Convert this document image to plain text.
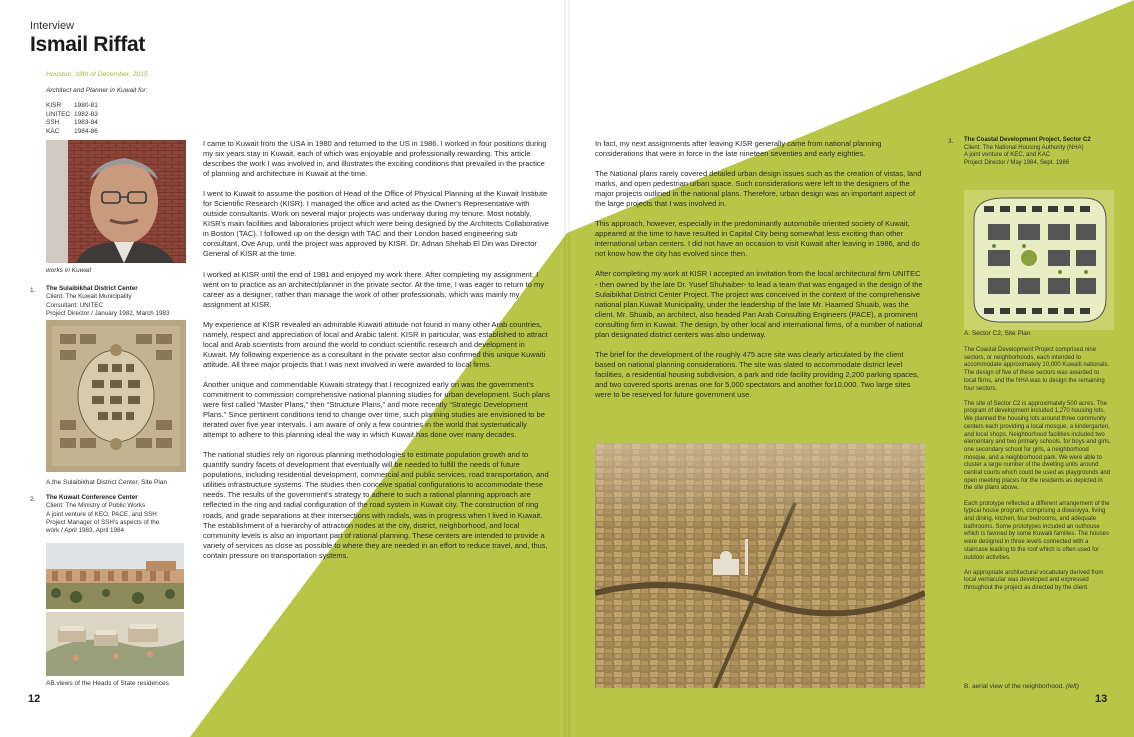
Interview
Ismail Riffat
Houston, 18th of December, 2015
Architect and Planner in Kuwait for:
KISR	1980-81
UNITEC 1982-83
SSH	1983-84
KAC	1984-86
works in Kuwait
1. The Sulaibikhat District Center
Client: The Kuwait Municipality
Consultant: UNITEC
Project Director / January 1982, March 1983
A.the Sulaibikhat District Center, Site Plan
2. The Kuwait Conference Center
Client: The Ministry of Public Works
A joint venture of KEO, PACE, and SSH
Project Manager of SSH's aspects of the
work / April 1983, April 1984
AB.views of the Heads of State residences

I came to Kuwait from the USA in 1980 and returned to the US in 1986. I worked in four positions during my six years stay in Kuwait, each of which was enjoyable and professionally rewarding. This article describes the work I was involved in, and illustrates the exciting conditions that prevailed in the practice of planning and architecture in Kuwait at the time.

I went to Kuwait to assume the position of Head of the Office of Physical Planning at the Kuwait Institute for Scientific Research (KISR). I managed the office and acted as the Owner's Representative with outside consultants. Work on several major projects was underway during my tenure. Most notably, KISR's main facilities and laboratories project which were being designed by the Architects Collaborative in Boston (TAC). I followed up on the design with TAC and their London based engineering sub consultant, Ove Arup, until the project was approved by KISR. Dr. Adnan Shehab El Din was Director General of KISR at the time.

I worked at KISR until the end of 1981 and enjoyed my work there. After completing my assignment, I went on to practice as an architect/planner in the private sector. At the time, I was eager to return to my career as a designer, rather than manage the work of other professionals, which was mainly my assignment at KISR.

My experience at KISR revealed an admirable Kuwaiti attitude not found in many other Arab countries, namely, respect and appreciation of local and Arabic talent. KISR in particular, was established to attract local and Arab scientists from around the world to conduct scientific research and development in Kuwait. My following experience as a consultant in the private sector also confirmed this unique Kuwaiti attitude. All three major projects that I was next involved in were awarded to local firms.

Another unique and commendable Kuwaiti strategy that I recognized early on was the government's commitment to commission comprehensive national planning studies for urban development. Such plans were first called “Master Plans,” then “Structure Plans,” and more recently “Strategic Development Plans.” Since pertinent conditions tend to change over time, such planning studies are envisioned to be iterated over five year intervals. I am aware of only a few countries in the world that systematically attempt to adhere to this planning ideal the way in which Kuwait has done over many decades.

The national studies rely on rigorous planning methodologies to estimate population growth and to quantify sundry facets of development that eventually will be needed to fulfill the needs of future populations, including residential development, commercial and public services, road transportation, and utilities infrastructure systems. The studies then conceive spatial configurations to accommodate these needs. The results of the government's strategy to adhere to such a rational planning approach are reflected in the ring and radial configuration of the road system in Kuwait city. The construction of ring roads, and grade separations at their intersections with radials, was in progress when I lived in Kuwait. The establishment of a hierarchy of attraction nodes at the city, district, neighborhood, and local community levels is also an important part of rational planning. These centers are intended to provide a variety of services as close as possible to where they are needed in an effort to reduce travel, and, thus, contain pressure on transportation systems.

12

In fact, my next assignments after leaving KISR generally came from national planning considerations that were in force in the late nineteen seventies and early eighties.

The National plans rarely covered detailed urban design issues such as the creation of vistas, land marks, and open pedestrian urban space. Such considerations were left to the designers of the major projects outlined in the national plans. Therefore, urban design was an important aspect of the large projects that I was involved in.

This approach, however, especially in the predominantly automobile oriented society of Kuwait, appeared at the time to have resulted in Capital City being somewhat less exciting than other international urban centers. I did not have an occasion to visit Kuwait after leaving in 1986, and do not know how the city has evolved since then.

After completing my work at KISR I accepted an invitation from the local architectural firm UNITEC - then owned by the late Dr. Yusef Shuhaiber- to lead a team that was engaged in the design of the Sulaibikhat District Center Project. The project was conceived in the context of the comprehensive national plan.Kuwait Municipality, under the leadership of the late Mr. Haamed Shuaib, was the client. Mr. Shuaib, an architect, also headed Pan Arab Consulting Engineers (PACE), a prominent consulting firm in Kuwait. The design, by other local and international firms, of a number of national plan designated district centers was also underway.

The brief for the development of the roughly 475 acre site was clearly articulated by the client based on national planning considerations. The site was slated to accommodate district level facilities, a residential housing subdivision, a park and ride facility providing 2,200 parking spaces, and two covered sports arenas one for 5,000 spectators and another for10,000. Two large sites were to be reserved for future government use.

3. The Coastal Development Project, Sector C2
Client: The National Housing Authority (NHA)
A joint venture of KEC, and KAC
Project Director / May 1984, Sept. 1986
A. Sector C2, Site Plan

The Coastal Development Project comprised nine sectors, or neighborhoods, each intended to accommodate approximately 10,000 Kuwaiti nationals. The design of five of these sectors was awarded to local firms, and the NHA was to design the remaining four sectors.

The site of Sector C2 is approximately 500 acres. The program of development included 1,270 housing lots. We planned the housing lots around three community centers each providing a local mosque, a kindergarten, and local shops. Neighborhood facilities included two elementary and two primary schools, for boys and girls, one secondary school for girls, a neighborhood mosque, and a neighborhood park. We were able to cluster a large number of the dwelling units around central courts which could be used as playgrounds and open meeting places for the residents as depicted in the site plans above.

Each prototype reflected a different arrangement of the typical house program, comprising a diwaniyya, living and dining, kitchen, four bedrooms, and adequate bathrooms. Some prototypes included an outhouse which is favored by some Kuwaiti families. The houses were designed in three levels connected with a staircase leading to the roof which is often used for outdoor activities.

An appropriate architectural vocabulary derived from local vernacular was developed and expressed throughout the project as directed by the client.

B. aerial view of the neighborhood. (left)
13
